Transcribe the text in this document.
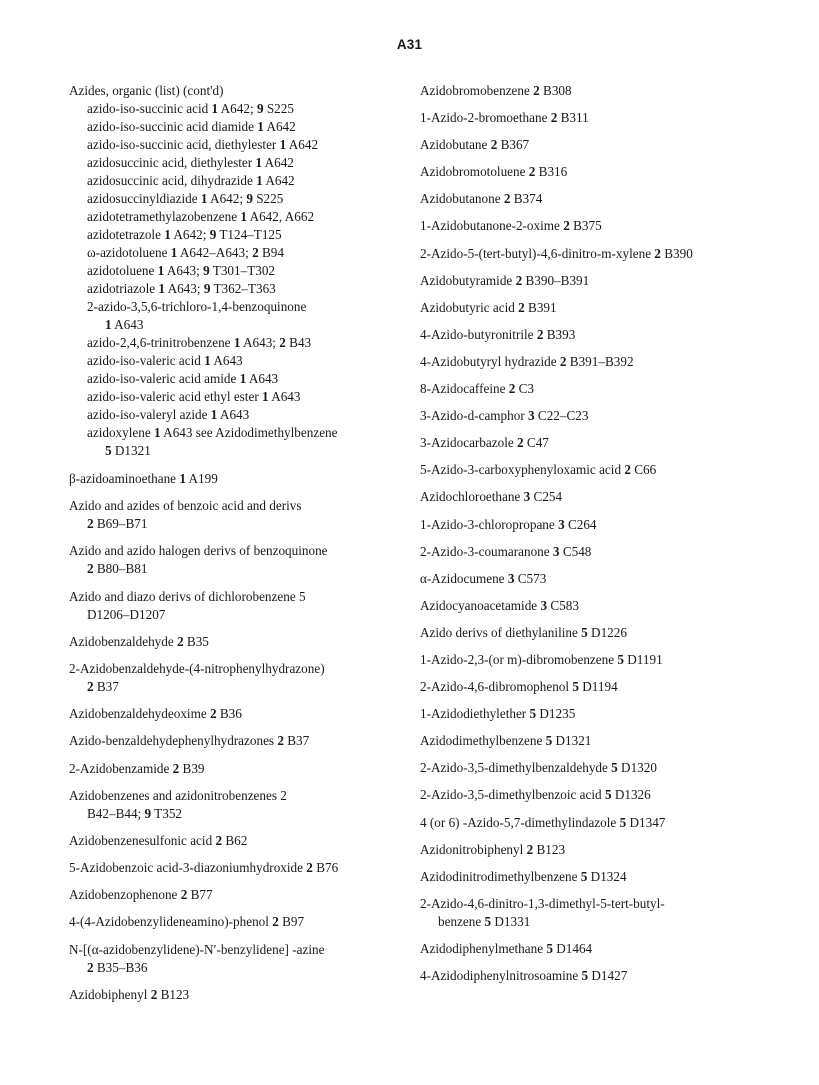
A31

Azides, organic (list) (cont'd)

azido-iso-succinic acid 1 A642; 9 S225

azido-iso-succinic acid diamide 1 A642

azido-iso-succinic acid, diethylester 1 A642

azidosuccinic acid, diethylester 1 A642

azidosuccinic acid, dihydrazide 1 A642

azidosuccinyldiazide 1 A642; 9 S225

azidotetramethylazobenzene 1 A642, A662

azidotetrazole 1 A642; 9 T124–T125

ω-azidotoluene 1 A642–A643; 2 B94

azidotoluene 1 A643; 9 T301–T302

azidotriazole 1 A643; 9 T362–T363

2-azido-3,5,6-trichloro-1,4-benzoquinone

1 A643

azido-2,4,6-trinitrobenzene 1 A643; 2 B43

azido-iso-valeric acid 1 A643

azido-iso-valeric acid amide 1 A643

azido-iso-valeric acid ethyl ester 1 A643

azido-iso-valeryl azide 1 A643

azidoxylene 1 A643 see Azidodimethylbenzene

5 D1321

β-azidoaminoethane 1 A199

Azido and azides of benzoic acid and derivs
2 B69–B71

Azido and azido halogen derivs of benzoquinone
2 B80–B81

Azido and diazo derivs of dichlorobenzene 5
D1206–D1207

Azidobenzaldehyde 2 B35

2-Azidobenzaldehyde-(4-nitrophenylhydrazone)
2 B37

Azidobenzaldehydeoxime 2 B36

Azido-benzaldehydephenylhydrazones 2 B37

2-Azidobenzamide 2 B39

Azidobenzenes and azidonitrobenzenes 2
B42–B44; 9 T352

Azidobenzenesulfonic acid 2 B62

5-Azidobenzoic acid-3-diazoniumhydroxide 2 B76

Azidobenzophenone 2 B77

4-(4-Azidobenzylideneamino)-phenol 2 B97

N-[(α-azidobenzylidene)-N′-benzylidene] -azine
2 B35–B36

Azidobiphenyl 2 B123

Azidobromobenzene 2 B308

1-Azido-2-bromoethane 2 B311

Azidobutane 2 B367

Azidobromotoluene 2 B316

Azidobutanone 2 B374

1-Azidobutanone-2-oxime 2 B375

2-Azido-5-(tert-butyl)-4,6-dinitro-m-xylene 2 B390

Azidobutyramide 2 B390–B391

Azidobutyric acid 2 B391

4-Azido-butyronitrile 2 B393

4-Azidobutyryl hydrazide 2 B391–B392

8-Azidocaffeine 2 C3

3-Azido-d-camphor 3 C22–C23

3-Azidocarbazole 2 C47

5-Azido-3-carboxyphenyloxamic acid 2 C66

Azidochloroethane 3 C254

1-Azido-3-chloropropane 3 C264

2-Azido-3-coumaranone 3 C548

α-Azidocumene 3 C573

Azidocyanoacetamide 3 C583

Azido derivs of diethylaniline 5 D1226

1-Azido-2,3-(or m)-dibromobenzene 5 D1191

2-Azido-4,6-dibromophenol 5 D1194

1-Azidodiethylether 5 D1235

Azidodimethylbenzene 5 D1321

2-Azido-3,5-dimethylbenzaldehyde 5 D1320

2-Azido-3,5-dimethylbenzoic acid 5 D1326

4 (or 6) -Azido-5,7-dimethylindazole 5 D1347

Azidonitrobiphenyl 2 B123

Azidodinitrodimethylbenzene 5 D1324

2-Azido-4,6-dinitro-1,3-dimethyl-5-tert-butyl-
benzene 5 D1331

Azidodiphenylmethane 5 D1464

4-Azidodiphenylnitrosoamine 5 D1427
